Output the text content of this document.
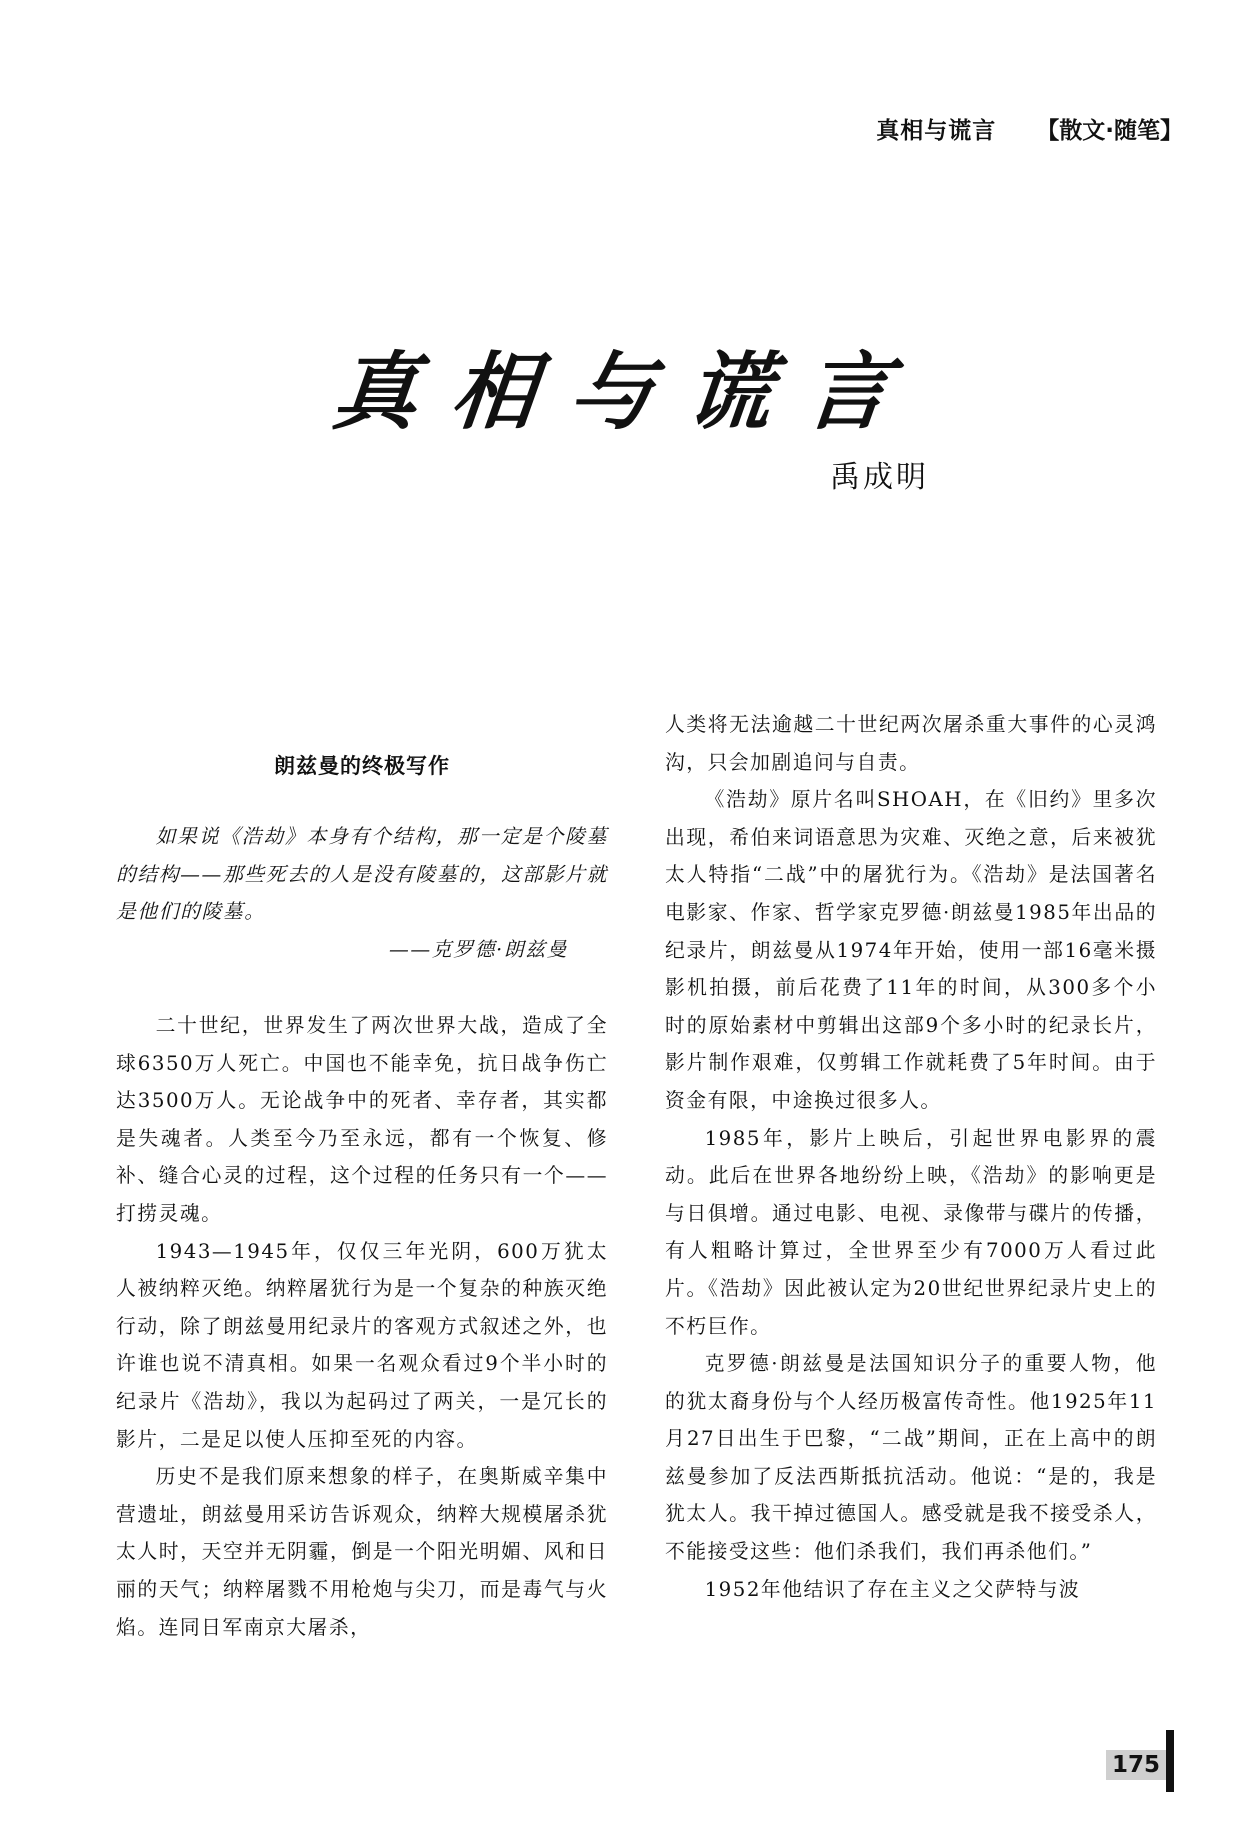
真相与谎言 【散文·随笔】
真相与谎言
禹成明
朗兹曼的终极写作

如果说《浩劫》本身有个结构，那一定是个陵墓的结构——那些死去的人是没有陵墓的，这部影片就是他们的陵墓。

——克罗德·朗兹曼

二十世纪，世界发生了两次世界大战，造成了全球6350万人死亡。中国也不能幸免，抗日战争伤亡达3500万人。无论战争中的死者、幸存者，其实都是失魂者。人类至今乃至永远，都有一个恢复、修补、缝合心灵的过程，这个过程的任务只有一个——打捞灵魂。

1943—1945年，仅仅三年光阴，600万犹太人被纳粹灭绝。纳粹屠犹行为是一个复杂的种族灭绝行动，除了朗兹曼用纪录片的客观方式叙述之外，也许谁也说不清真相。如果一名观众看过9个半小时的纪录片《浩劫》，我以为起码过了两关，一是冗长的影片，二是足以使人压抑至死的内容。

历史不是我们原来想象的样子，在奥斯威辛集中营遗址，朗兹曼用采访告诉观众，纳粹大规模屠杀犹太人时，天空并无阴霾，倒是一个阳光明媚、风和日丽的天气；纳粹屠戮不用枪炮与尖刀，而是毒气与火焰。连同日军南京大屠杀，

人类将无法逾越二十世纪两次屠杀重大事件的心灵鸿沟，只会加剧追问与自责。

《浩劫》原片名叫SHOAH，在《旧约》里多次出现，希伯来词语意思为灾难、灭绝之意，后来被犹太人特指“二战”中的屠犹行为。《浩劫》是法国著名电影家、作家、哲学家克罗德·朗兹曼1985年出品的纪录片，朗兹曼从1974年开始，使用一部16毫米摄影机拍摄，前后花费了11年的时间，从300多个小时的原始素材中剪辑出这部9个多小时的纪录长片，影片制作艰难，仅剪辑工作就耗费了5年时间。由于资金有限，中途换过很多人。

1985年，影片上映后，引起世界电影界的震动。此后在世界各地纷纷上映，《浩劫》的影响更是与日俱增。通过电影、电视、录像带与碟片的传播，有人粗略计算过，全世界至少有7000万人看过此片。《浩劫》因此被认定为20世纪世界纪录片史上的不朽巨作。

克罗德·朗兹曼是法国知识分子的重要人物，他的犹太裔身份与个人经历极富传奇性。他1925年11月27日出生于巴黎，“二战”期间，正在上高中的朗兹曼参加了反法西斯抵抗活动。他说：“是的，我是犹太人。我干掉过德国人。感受就是我不接受杀人，不能接受这些：他们杀我们，我们再杀他们。”

1952年他结识了存在主义之父萨特与波

175
